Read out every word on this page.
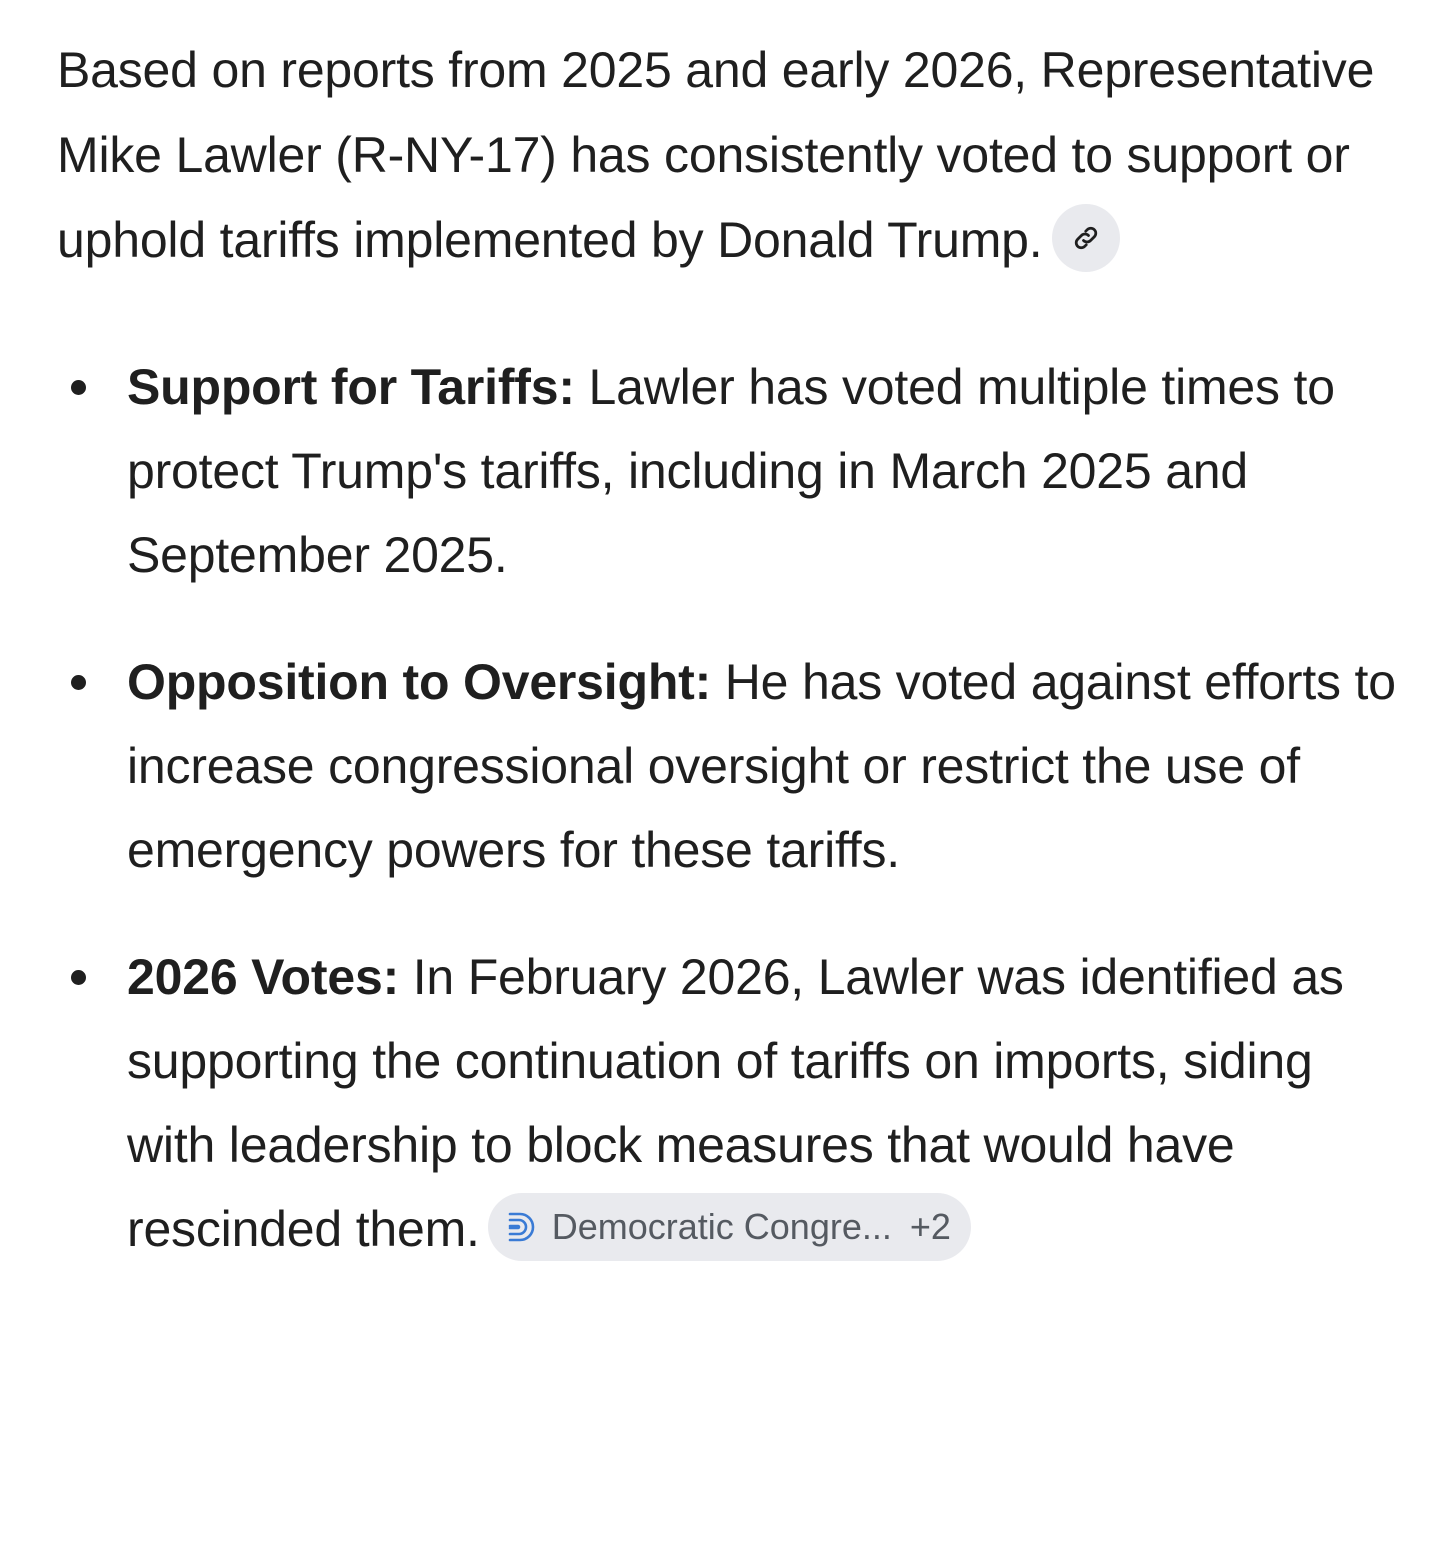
Based on reports from 2025 and early 2026, Representative Mike Lawler (R-NY-17) has consistently voted to support or uphold tariffs implemented by Donald Trump.

Support for Tariffs: Lawler has voted multiple times to protect Trump's tariffs, including in March 2025 and September 2025.
Opposition to Oversight: He has voted against efforts to increase congressional oversight or restrict the use of emergency powers for these tariffs.
2026 Votes: In February 2026, Lawler was identified as supporting the continuation of tariffs on imports, siding with leadership to block measures that would have rescinded them. Democratic Congre... +2
